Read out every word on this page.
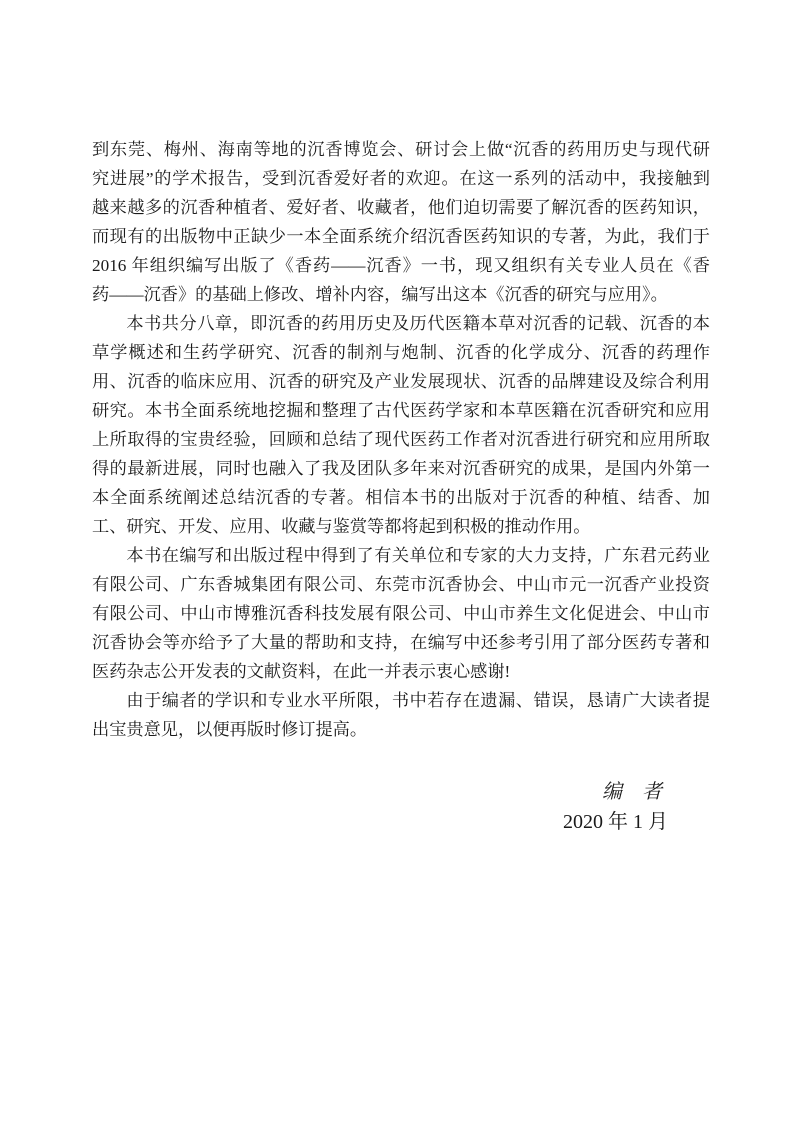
到东莞、梅州、海南等地的沉香博览会、研讨会上做“沉香的药用历史与现代研
究进展”的学术报告，受到沉香爱好者的欢迎。在这一系列的活动中，我接触到
越来越多的沉香种植者、爱好者、收藏者，他们迫切需要了解沉香的医药知识，
而现有的出版物中正缺少一本全面系统介绍沉香医药知识的专著，为此，我们于
2016 年组织编写出版了《香药——沉香》一书，现又组织有关专业人员在《香
药——沉香》的基础上修改、增补内容，编写出这本《沉香的研究与应用》。
本书共分八章，即沉香的药用历史及历代医籍本草对沉香的记载、沉香的本
草学概述和生药学研究、沉香的制剂与炮制、沉香的化学成分、沉香的药理作
用、沉香的临床应用、沉香的研究及产业发展现状、沉香的品牌建设及综合利用
研究。本书全面系统地挖掘和整理了古代医药学家和本草医籍在沉香研究和应用
上所取得的宝贵经验，回顾和总结了现代医药工作者对沉香进行研究和应用所取
得的最新进展，同时也融入了我及团队多年来对沉香研究的成果，是国内外第一
本全面系统阐述总结沉香的专著。相信本书的出版对于沉香的种植、结香、加
工、研究、开发、应用、收藏与鉴赏等都将起到积极的推动作用。
本书在编写和出版过程中得到了有关单位和专家的大力支持，广东君元药业
有限公司、广东香城集团有限公司、东莞市沉香协会、中山市元一沉香产业投资
有限公司、中山市博雅沉香科技发展有限公司、中山市养生文化促进会、中山市
沉香协会等亦给予了大量的帮助和支持，在编写中还参考引用了部分医药专著和
医药杂志公开发表的文献资料，在此一并表示衷心感谢!
由于编者的学识和专业水平所限，书中若存在遗漏、错误，恳请广大读者提
出宝贵意见，以便再版时修订提高。
编　者
2020 年 1 月
